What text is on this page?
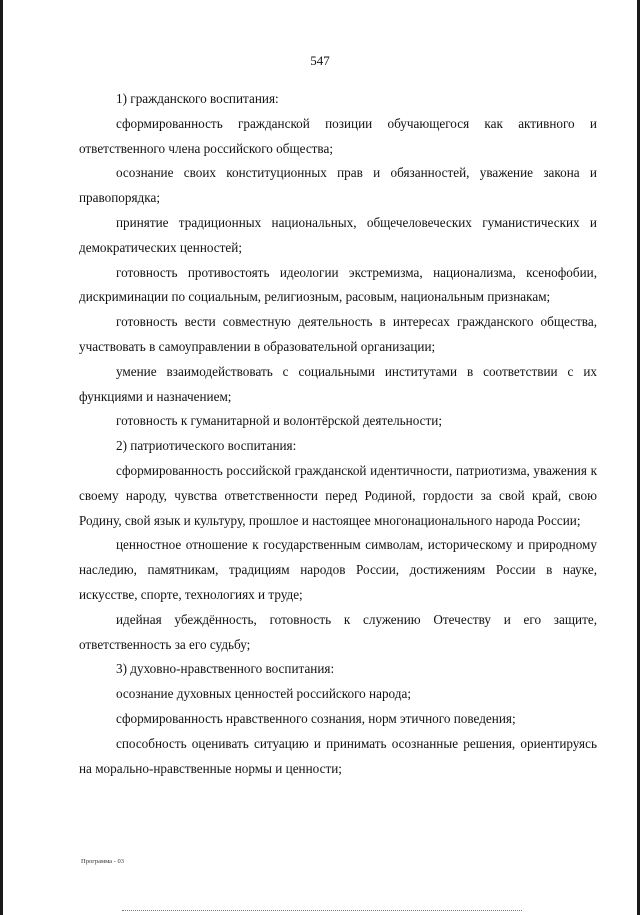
547

1) гражданского воспитания:

сформированность гражданской позиции обучающегося как активного и ответственного члена российского общества;

осознание своих конституционных прав и обязанностей, уважение закона и правопорядка;

принятие традиционных национальных, общечеловеческих гуманистических и демократических ценностей;

готовность противостоять идеологии экстремизма, национализма, ксенофобии, дискриминации по социальным, религиозным, расовым, национальным признакам;

готовность вести совместную деятельность в интересах гражданского общества, участвовать в самоуправлении в образовательной организации;

умение взаимодействовать с социальными институтами в соответствии с их функциями и назначением;

готовность к гуманитарной и волонтёрской деятельности;

2) патриотического воспитания:

сформированность российской гражданской идентичности, патриотизма, уважения к своему народу, чувства ответственности перед Родиной, гордости за свой край, свою Родину, свой язык и культуру, прошлое и настоящее многонационального народа России;

ценностное отношение к государственным символам, историческому и природному наследию, памятникам, традициям народов России, достижениям России в науке, искусстве, спорте, технологиях и труде;

идейная убеждённость, готовность к служению Отечеству и его защите, ответственность за его судьбу;

3) духовно-нравственного воспитания:

осознание духовных ценностей российского народа;

сформированность нравственного сознания, норм этичного поведения;

способность оценивать ситуацию и принимать осознанные решения, ориентируясь на морально-нравственные нормы и ценности;

Программа - 03
